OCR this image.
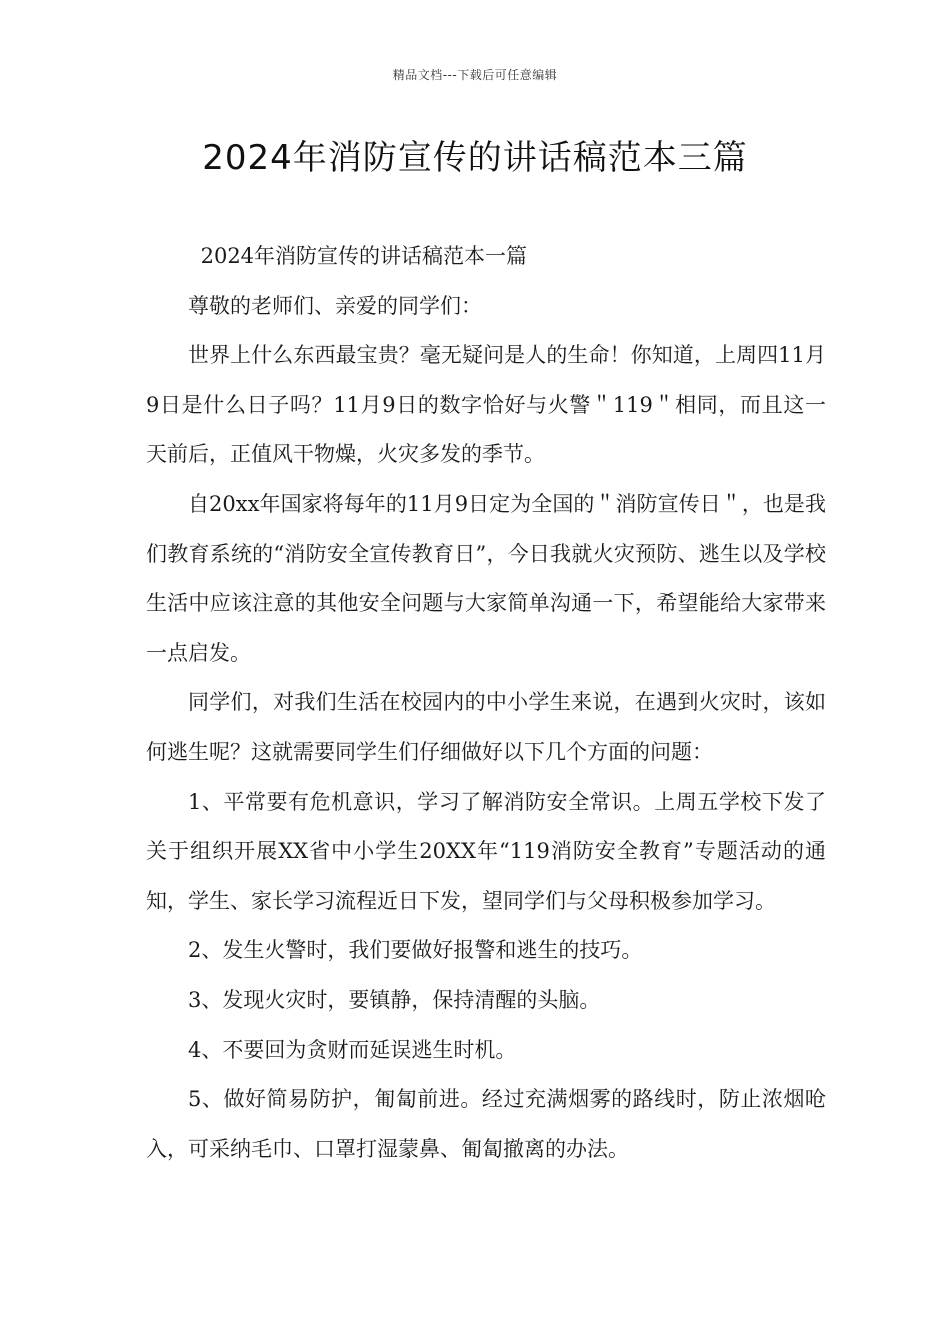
精品文档---下载后可任意编辑
2024年消防宣传的讲话稿范本三篇

2024年消防宣传的讲话稿范本一篇

尊敬的老师们、亲爱的同学们：

世界上什么东西最宝贵？毫无疑问是人的生命！你知道，上周四11月9日是什么日子吗？11月9日的数字恰好与火警＂119＂相同，而且这一天前后，正值风干物燥，火灾多发的季节。

自20xx年国家将每年的11月9日定为全国的＂消防宣传日＂，也是我们教育系统的“消防安全宣传教育日”，今日我就火灾预防、逃生以及学校生活中应该注意的其他安全问题与大家简单沟通一下，希望能给大家带来一点启发。

同学们，对我们生活在校园内的中小学生来说，在遇到火灾时，该如何逃生呢？这就需要同学生们仔细做好以下几个方面的问题：

1、平常要有危机意识，学习了解消防安全常识。上周五学校下发了关于组织开展XX省中小学生20XX年“119消防安全教育”专题活动的通知，学生、家长学习流程近日下发，望同学们与父母积极参加学习。

2、发生火警时，我们要做好报警和逃生的技巧。

3、发现火灾时，要镇静，保持清醒的头脑。

4、不要回为贪财而延误逃生时机。

5、做好简易防护，匍匐前进。经过充满烟雾的路线时，防止浓烟呛入，可采纳毛巾、口罩打湿蒙鼻、匍匐撤离的办法。
